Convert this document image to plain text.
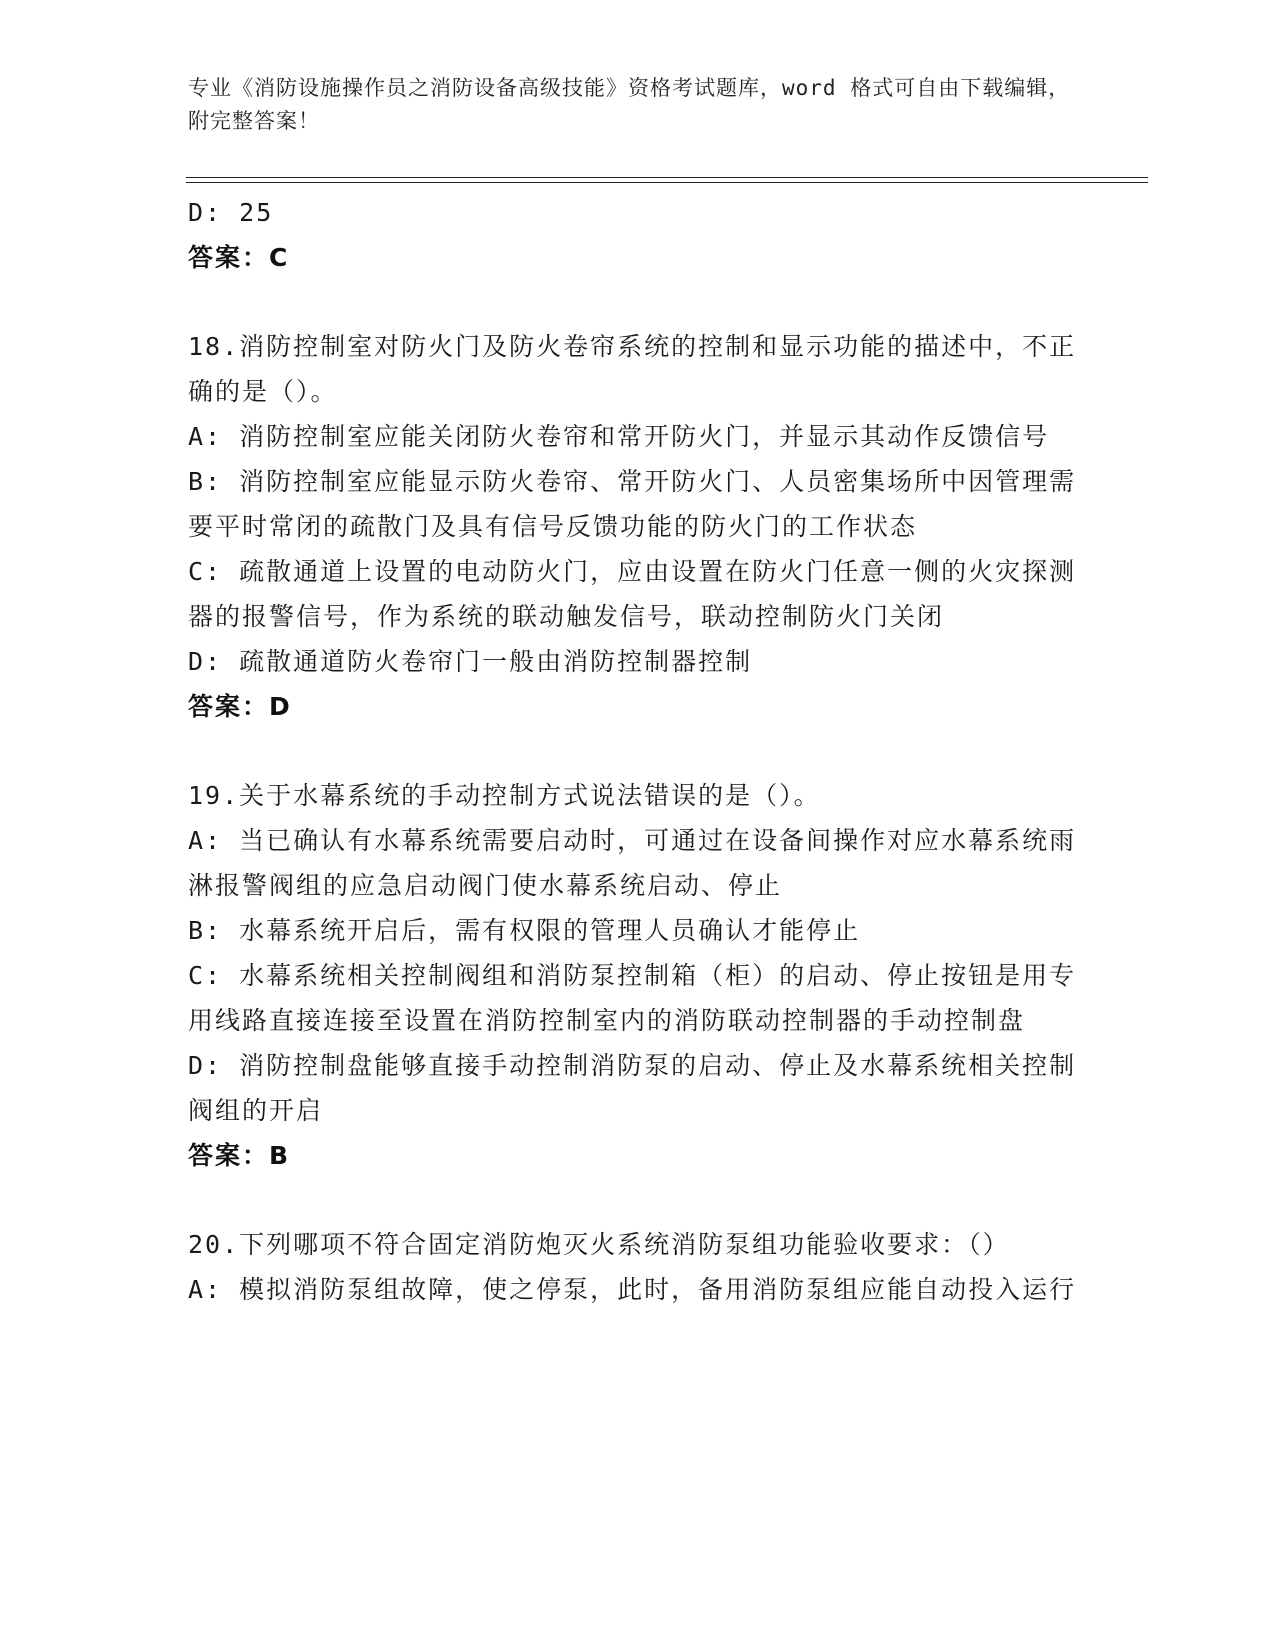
专业《消防设施操作员之消防设备高级技能》资格考试题库，word 格式可自由下载编辑，附完整答案！

D: 25

答案：C

18.消防控制室对防火门及防火卷帘系统的控制和显示功能的描述中，不正确的是（）。

A: 消防控制室应能关闭防火卷帘和常开防火门，并显示其动作反馈信号

B: 消防控制室应能显示防火卷帘、常开防火门、人员密集场所中因管理需要平时常闭的疏散门及具有信号反馈功能的防火门的工作状态

C: 疏散通道上设置的电动防火门，应由设置在防火门任意一侧的火灾探测器的报警信号，作为系统的联动触发信号，联动控制防火门关闭

D: 疏散通道防火卷帘门一般由消防控制器控制

答案：D

19.关于水幕系统的手动控制方式说法错误的是（）。

A: 当已确认有水幕系统需要启动时，可通过在设备间操作对应水幕系统雨淋报警阀组的应急启动阀门使水幕系统启动、停止

B: 水幕系统开启后，需有权限的管理人员确认才能停止

C: 水幕系统相关控制阀组和消防泵控制箱（柜）的启动、停止按钮是用专用线路直接连接至设置在消防控制室内的消防联动控制器的手动控制盘

D: 消防控制盘能够直接手动控制消防泵的启动、停止及水幕系统相关控制阀组的开启

答案：B

20.下列哪项不符合固定消防炮灭火系统消防泵组功能验收要求：（）

A: 模拟消防泵组故障，使之停泵，此时，备用消防泵组应能自动投入运行
